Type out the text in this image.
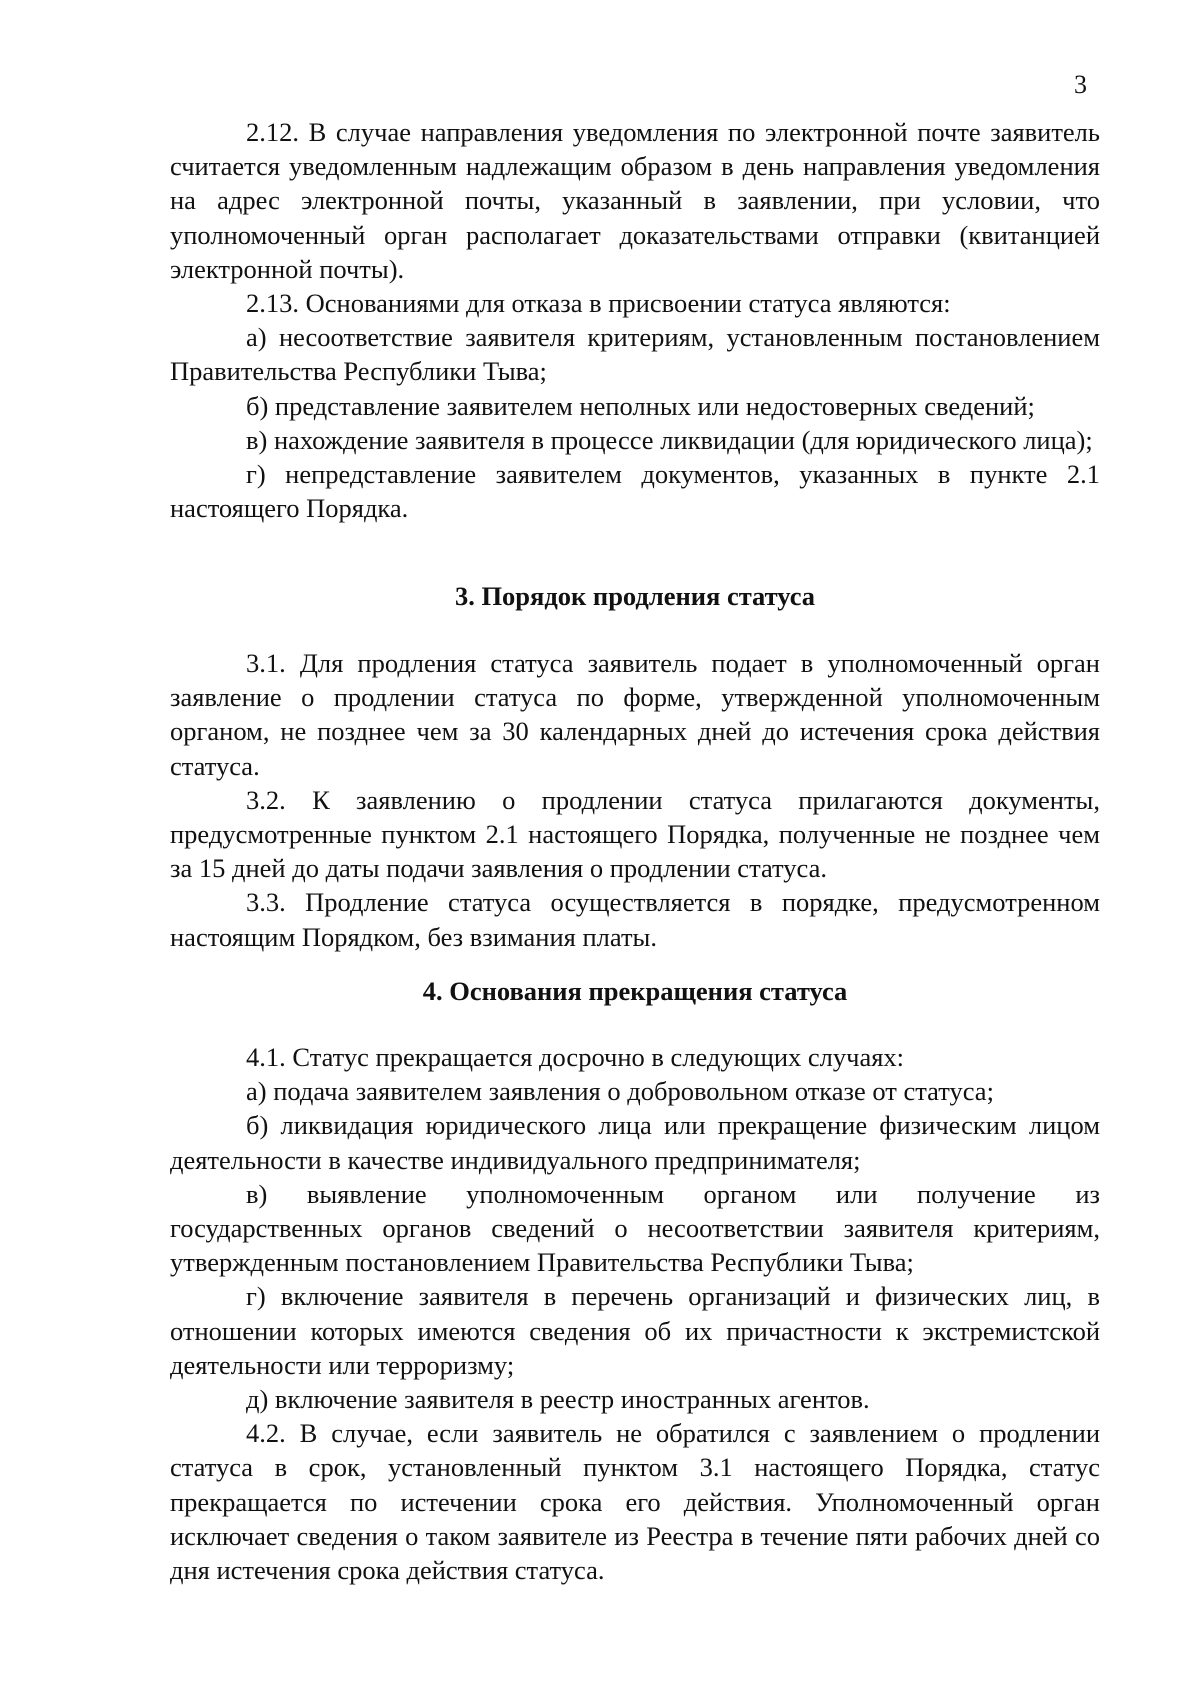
3

2.12. В случае направления уведомления по электронной почте заявитель считается уведомленным надлежащим образом в день направления уведомления на адрес электронной почты, указанный в заявлении, при условии, что уполномоченный орган располагает доказательствами отправки (квитанцией электронной почты).

2.13. Основаниями для отказа в присвоении статуса являются:

а) несоответствие заявителя критериям, установленным постановлением Правительства Республики Тыва;

б) представление заявителем неполных или недостоверных сведений;

в) нахождение заявителя в процессе ликвидации (для юридического лица);

г) непредставление заявителем документов, указанных в пункте 2.1 настоящего Порядка.

3. Порядок продления статуса

3.1. Для продления статуса заявитель подает в уполномоченный орган заявление о продлении статуса по форме, утвержденной уполномоченным органом, не позднее чем за 30 календарных дней до истечения срока действия статуса.

3.2. К заявлению о продлении статуса прилагаются документы, предусмотренные пунктом 2.1 настоящего Порядка, полученные не позднее чем за 15 дней до даты подачи заявления о продлении статуса.

3.3. Продление статуса осуществляется в порядке, предусмотренном настоящим Порядком, без взимания платы.

4. Основания прекращения статуса

4.1. Статус прекращается досрочно в следующих случаях:

а) подача заявителем заявления о добровольном отказе от статуса;

б) ликвидация юридического лица или прекращение физическим лицом деятельности в качестве индивидуального предпринимателя;

в) выявление уполномоченным органом или получение из государственных органов сведений о несоответствии заявителя критериям, утвержденным постановлением Правительства Республики Тыва;

г) включение заявителя в перечень организаций и физических лиц, в отношении которых имеются сведения об их причастности к экстремистской деятельности или терроризму;

д) включение заявителя в реестр иностранных агентов.

4.2. В случае, если заявитель не обратился с заявлением о продлении статуса в срок, установленный пунктом 3.1 настоящего Порядка, статус прекращается по истечении срока его действия. Уполномоченный орган исключает сведения о таком заявителе из Реестра в течение пяти рабочих дней со дня истечения срока действия статуса.
